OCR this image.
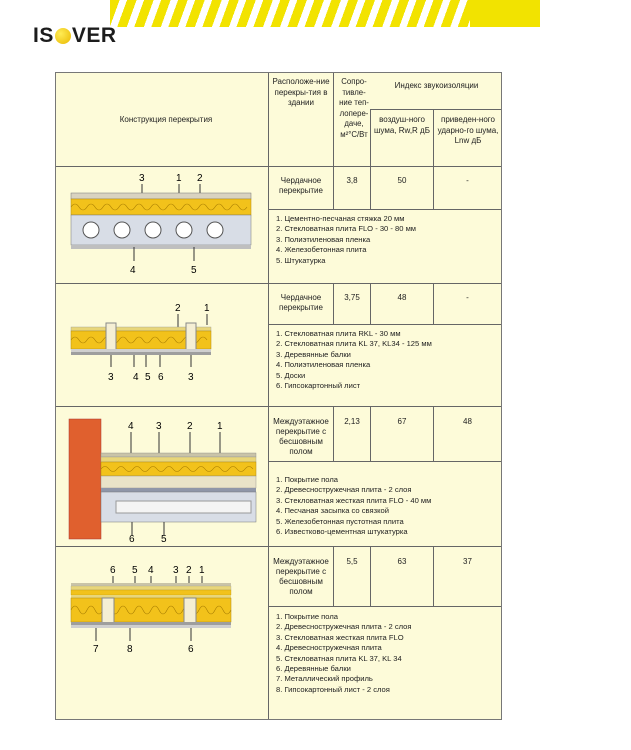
IS VER
Конструкция перекрытия
Расположе-ние перекры-тия в здании
Сопро-тивле-ние теп-лопере-даче, м²°С/Вт
Индекс звукоизоляции
воздуш-ного шума, Rw,R дБ
приведен-ного ударно-го шума, Lnw дБ
Чердачное перекрытие
3,8	50	-
1. Цементно-песчаная стяжка 20 мм
2. Стекловатная плита FLO - 30 - 80 мм
3. Полиэтиленовая пленка
4. Железобетонная плита
5. Штукатурка
3	1 2
4	5
Чердачное перекрытие
3,75	48	-
1. Стекловатная плита RKL - 30 мм
2. Стекловатная плита KL 37, KL34 - 125 мм
3. Деревянные балки
4. Полиэтиленовая пленка
5. Доски
6. Гипсокартонный лист
2 1
3 4 5 6 3
Междуэтажное перекрытие с бесшовным полом
2,13	67	48
1. Покрытие пола
2. Древесностружечная плита - 2 слоя
3. Стекловатная жесткая плита FLO - 40 мм
4. Песчаная засыпка со связкой
5. Железобетонная пустотная плита
6. Известково-цементная штукатурка
4 3	2 1
6	5
Междуэтажное перекрытие с бесшовным полом
5,5	63	37
1. Покрытие пола
2. Древесностружечная плита - 2 слоя
3. Стекловатная жесткая плита FLO
4. Древесностружечная плита
5. Стекловатная плита KL 37, KL 34
6. Деревянные балки
7. Металлический профиль
8. Гипсокартонный лист - 2 слоя
6 5 4 3 2 1
7	8	6
